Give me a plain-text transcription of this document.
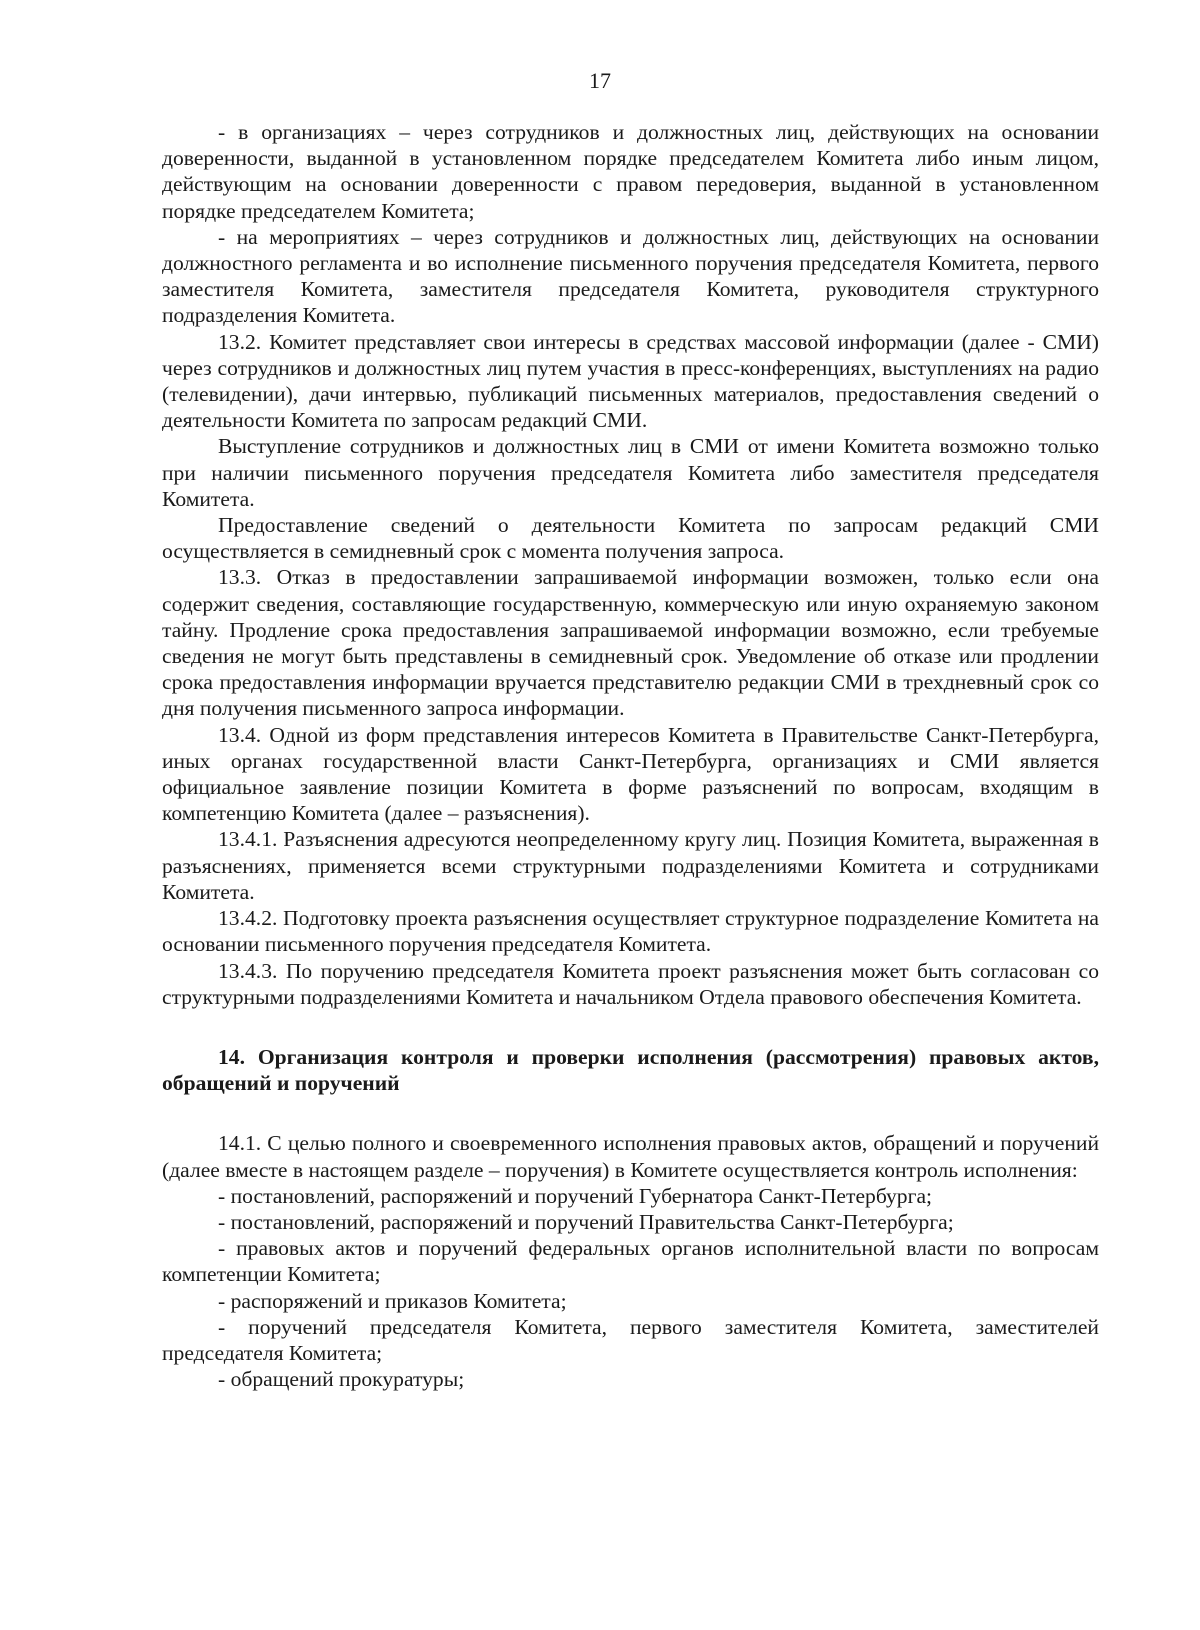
17

- в организациях – через сотрудников и должностных лиц, действующих на основании доверенности, выданной в установленном порядке председателем Комитета либо иным лицом, действующим на основании доверенности с правом передоверия, выданной в установленном порядке председателем Комитета;

- на мероприятиях – через сотрудников и должностных лиц, действующих на основании должностного регламента и во исполнение письменного поручения председателя Комитета, первого заместителя Комитета, заместителя председателя Комитета, руководителя структурного подразделения Комитета.

13.2. Комитет представляет свои интересы в средствах массовой информации (далее - СМИ) через сотрудников и должностных лиц путем участия в пресс-конференциях, выступлениях на радио (телевидении), дачи интервью, публикаций письменных материалов, предоставления сведений о деятельности Комитета по запросам редакций СМИ.

Выступление сотрудников и должностных лиц в СМИ от имени Комитета возможно только при наличии письменного поручения председателя Комитета либо заместителя председателя Комитета.

Предоставление сведений о деятельности Комитета по запросам редакций СМИ осуществляется в семидневный срок с момента получения запроса.

13.3. Отказ в предоставлении запрашиваемой информации возможен, только если она содержит сведения, составляющие государственную, коммерческую или иную охраняемую законом тайну. Продление срока предоставления запрашиваемой информации возможно, если требуемые сведения не могут быть представлены в семидневный срок. Уведомление об отказе или продлении срока предоставления информации вручается представителю редакции СМИ в трехдневный срок со дня получения письменного запроса информации.

13.4. Одной из форм представления интересов Комитета в Правительстве Санкт-Петербурга, иных органах государственной власти Санкт-Петербурга, организациях и СМИ является официальное заявление позиции Комитета в форме разъяснений по вопросам, входящим в компетенцию Комитета (далее – разъяснения).

13.4.1. Разъяснения адресуются неопределенному кругу лиц. Позиция Комитета, выраженная в разъяснениях, применяется всеми структурными подразделениями Комитета и сотрудниками Комитета.

13.4.2. Подготовку проекта разъяснения осуществляет структурное подразделение Комитета на основании письменного поручения председателя Комитета.

13.4.3. По поручению председателя Комитета проект разъяснения может быть согласован со структурными подразделениями Комитета и начальником Отдела правового обеспечения Комитета.

14. Организация контроля и проверки исполнения (рассмотрения) правовых актов, обращений и поручений

14.1. С целью полного и своевременного исполнения правовых актов, обращений и поручений (далее вместе в настоящем разделе – поручения) в Комитете осуществляется контроль исполнения:

- постановлений, распоряжений и поручений Губернатора Санкт-Петербурга;

- постановлений, распоряжений и поручений Правительства Санкт-Петербурга;

- правовых актов и поручений федеральных органов исполнительной власти по вопросам компетенции Комитета;

- распоряжений и приказов Комитета;

- поручений председателя Комитета, первого заместителя Комитета, заместителей председателя Комитета;

- обращений прокуратуры;
